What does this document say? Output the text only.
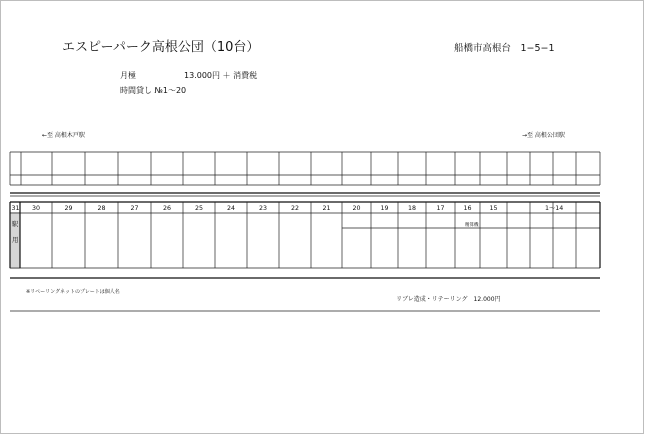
エスピーパーク高根公団（10台）	船橋市高根台　1−5−1
月極	13.000円 ＋ 消費税
時間貸し №1〜20
←至 高根木戸駅	→至 高根公団駅
※リペーリングネットのプレートは個人名
リブレ造成・リテーリング　12.000円
31
駅
用
30	29	28	27	26	25	24	23	22	21	20	19	18	17	16	15	1〜14
精算機
